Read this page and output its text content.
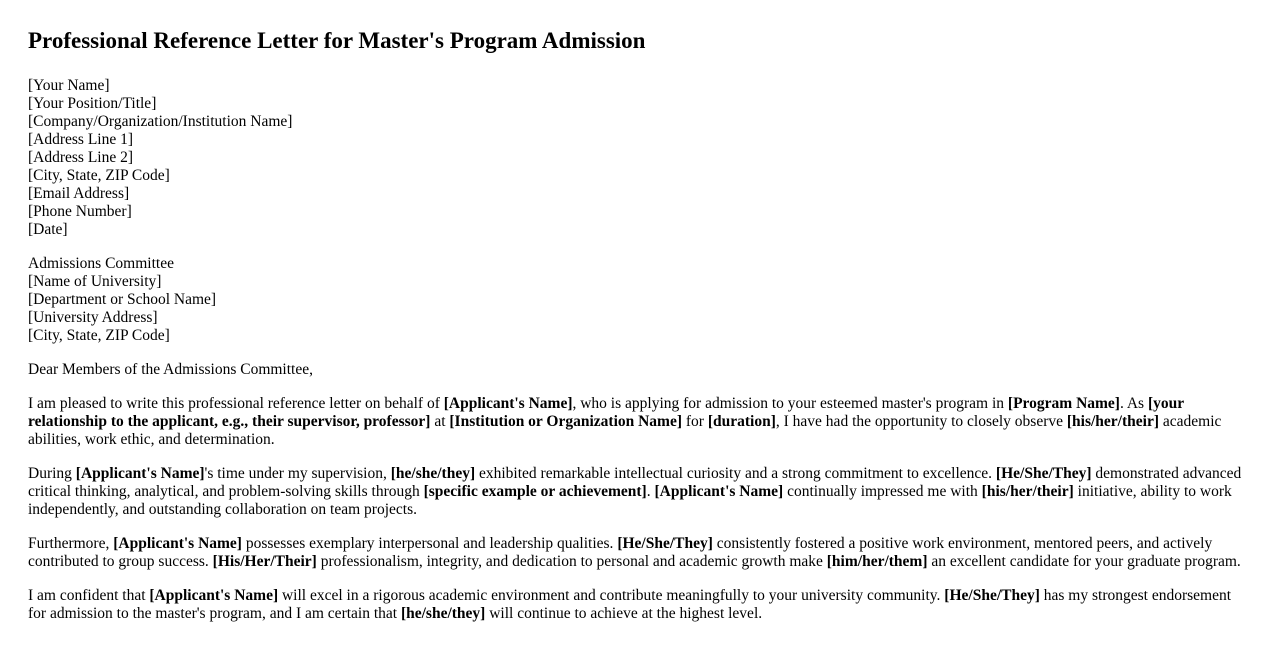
Professional Reference Letter for Master's Program Admission
[Your Name]
[Your Position/Title]
[Company/Organization/Institution Name]
[Address Line 1]
[Address Line 2]
[City, State, ZIP Code]
[Email Address]
[Phone Number]
[Date]
Admissions Committee
[Name of University]
[Department or School Name]
[University Address]
[City, State, ZIP Code]

Dear Members of the Admissions Committee,

I am pleased to write this professional reference letter on behalf of [Applicant's Name], who is applying for admission to your esteemed master's program in [Program Name]. As [your relationship to the applicant, e.g., their supervisor, professor] at [Institution or Organization Name] for [duration], I have had the opportunity to closely observe [his/her/their] academic abilities, work ethic, and determination.

During [Applicant's Name]'s time under my supervision, [he/she/they] exhibited remarkable intellectual curiosity and a strong commitment to excellence. [He/She/They] demonstrated advanced critical thinking, analytical, and problem-solving skills through [specific example or achievement]. [Applicant's Name] continually impressed me with [his/her/their] initiative, ability to work independently, and outstanding collaboration on team projects.

Furthermore, [Applicant's Name] possesses exemplary interpersonal and leadership qualities. [He/She/They] consistently fostered a positive work environment, mentored peers, and actively contributed to group success. [His/Her/Their] professionalism, integrity, and dedication to personal and academic growth make [him/her/them] an excellent candidate for your graduate program.

I am confident that [Applicant's Name] will excel in a rigorous academic environment and contribute meaningfully to your university community. [He/She/They] has my strongest endorsement for admission to the master's program, and I am certain that [he/she/they] will continue to achieve at the highest level.
